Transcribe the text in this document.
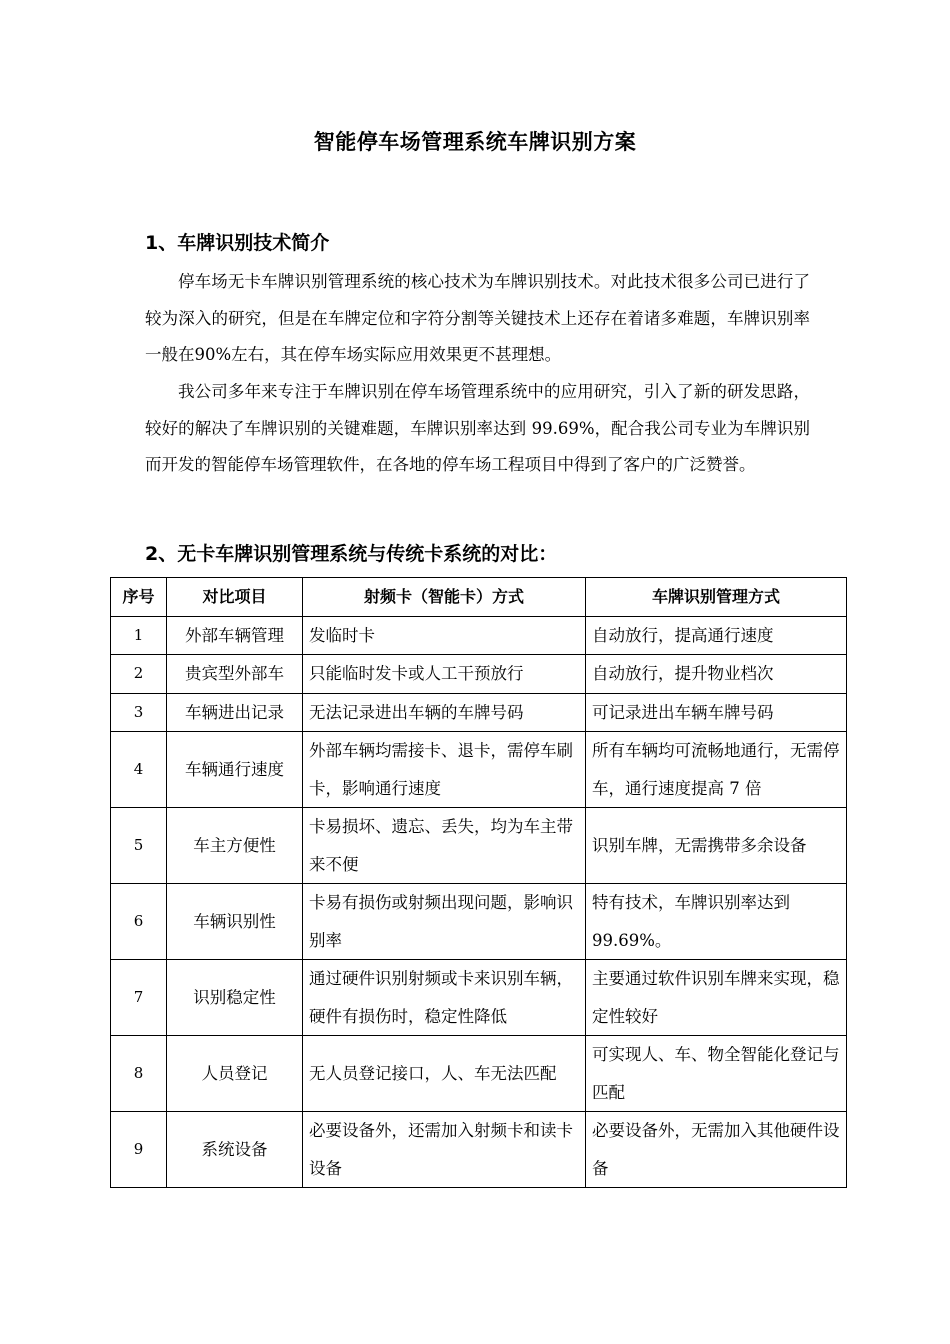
智能停车场管理系统车牌识别方案
1、车牌识别技术简介
停车场无卡车牌识别管理系统的核心技术为车牌识别技术。对此技术很多公司已进行了较为深入的研究，但是在车牌定位和字符分割等关键技术上还存在着诸多难题，车牌识别率一般在90%左右，其在停车场实际应用效果更不甚理想。
我公司多年来专注于车牌识别在停车场管理系统中的应用研究，引入了新的研发思路，较好的解决了车牌识别的关键难题，车牌识别率达到 99.69%，配合我公司专业为车牌识别而开发的智能停车场管理软件，在各地的停车场工程项目中得到了客户的广泛赞誉。
2、无卡车牌识别管理系统与传统卡系统的对比：
序号	对比项目	射频卡（智能卡）方式	车牌识别管理方式
1	外部车辆管理	发临时卡	自动放行，提高通行速度
2	贵宾型外部车	只能临时发卡或人工干预放行	自动放行，提升物业档次
3	车辆进出记录	无法记录进出车辆的车牌号码	可记录进出车辆车牌号码
4	车辆通行速度	外部车辆均需接卡、退卡，需停车刷卡，影响通行速度	所有车辆均可流畅地通行，无需停车，通行速度提高 7 倍
5	车主方便性	卡易损坏、遗忘、丢失，均为车主带来不便	识别车牌，无需携带多余设备
6	车辆识别性	卡易有损伤或射频出现问题，影响识别率	特有技术，车牌识别率达到 99.69%。
7	识别稳定性	通过硬件识别射频或卡来识别车辆，硬件有损伤时，稳定性降低	主要通过软件识别车牌来实现，稳定性较好
8	人员登记	无人员登记接口，人、车无法匹配	可实现人、车、物全智能化登记与匹配
9	系统设备	必要设备外，还需加入射频卡和读卡设备	必要设备外，无需加入其他硬件设备
